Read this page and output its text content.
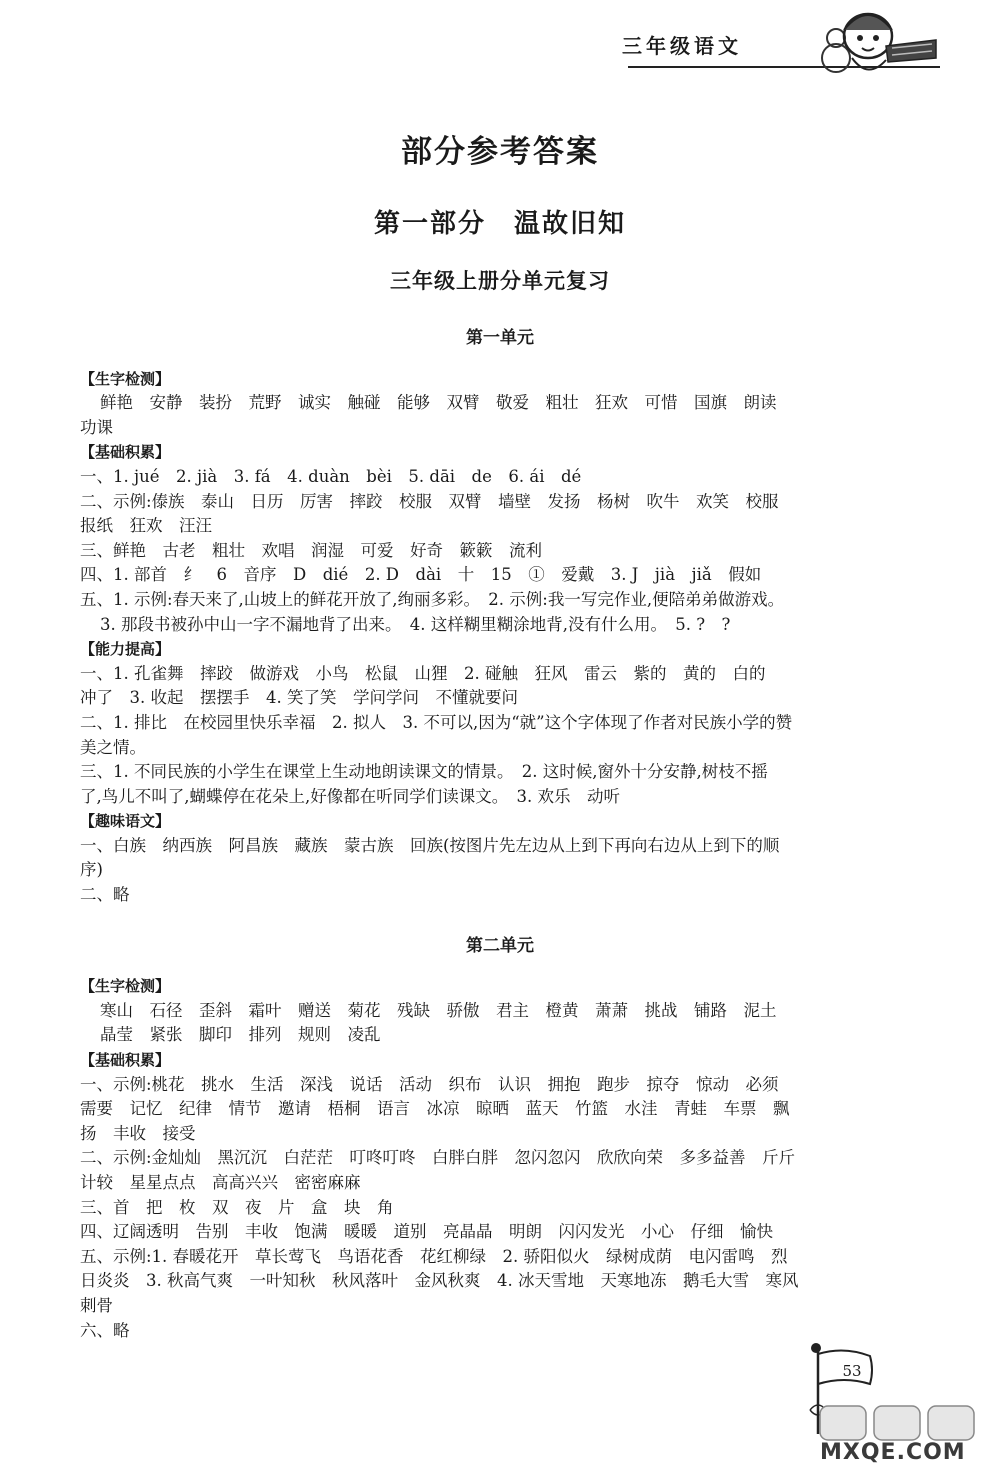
三年级语文
部分参考答案
第一部分　温故旧知
三年级上册分单元复习
第一单元
【生字检测】
鲜艳　安静　装扮　荒野　诚实　触碰　能够　双臂　敬爱　粗壮　狂欢　可惜　国旗　朗读
功课
【基础积累】
一、1. jué　2. jià　3. fá　4. duàn　bèi　5. dāi　de　6. ái　dé
二、示例:傣族　泰山　日历　厉害　摔跤　校服　双臂　墙壁　发扬　杨树　吹牛　欢笑　校服
报纸　狂欢　汪汪
三、鲜艳　古老　粗壮　欢唱　润湿　可爱　好奇　簌簌　流利
四、1. 部首　纟　6　音序　D　dié　2. D　dài　十　15　①　爱戴　3. J　jià　jiǎ　假如
五、1. 示例:春天来了,山坡上的鲜花开放了,绚丽多彩。　2. 示例:我一写完作业,便陪弟弟做游戏。
3. 那段书被孙中山一字不漏地背了出来。　4. 这样糊里糊涂地背,没有什么用。　5. ?　?
【能力提高】
一、1. 孔雀舞　摔跤　做游戏　小鸟　松鼠　山狸　2. 碰触　狂风　雷云　紫的　黄的　白的
冲了　3. 收起　摆摆手　4. 笑了笑　学问学问　不懂就要问
二、1. 排比　在校园里快乐幸福　2. 拟人　3. 不可以,因为“就”这个字体现了作者对民族小学的赞
美之情。
三、1. 不同民族的小学生在课堂上生动地朗读课文的情景。　2. 这时候,窗外十分安静,树枝不摇
了,鸟儿不叫了,蝴蝶停在花朵上,好像都在听同学们读课文。　3. 欢乐　动听
【趣味语文】
一、白族　纳西族　阿昌族　藏族　蒙古族　回族(按图片先左边从上到下再向右边从上到下的顺
序)
二、略
第二单元
【生字检测】
寒山　石径　歪斜　霜叶　赠送　菊花　残缺　骄傲　君主　橙黄　萧萧　挑战　铺路　泥土
晶莹　紧张　脚印　排列　规则　凌乱
【基础积累】
一、示例:桃花　挑水　生活　深浅　说话　活动　织布　认识　拥抱　跑步　掠夺　惊动　必须
需要　记忆　纪律　情节　邀请　梧桐　语言　冰凉　晾晒　蓝天　竹篮　水洼　青蛙　车票　飘
扬　丰收　接受
二、示例:金灿灿　黑沉沉　白茫茫　叮咚叮咚　白胖白胖　忽闪忽闪　欣欣向荣　多多益善　斤斤
计较　星星点点　高高兴兴　密密麻麻
三、首　把　枚　双　夜　片　盒　块　角
四、辽阔透明　告别　丰收　饱满　暖暖　道别　亮晶晶　明朗　闪闪发光　小心　仔细　愉快
五、示例:1. 春暖花开　草长莺飞　鸟语花香　花红柳绿　2. 骄阳似火　绿树成荫　电闪雷鸣　烈
日炎炎　3. 秋高气爽　一叶知秋　秋风落叶　金风秋爽　4. 冰天雪地　天寒地冻　鹅毛大雪　寒风
刺骨
六、略
53
MXQE.COM
